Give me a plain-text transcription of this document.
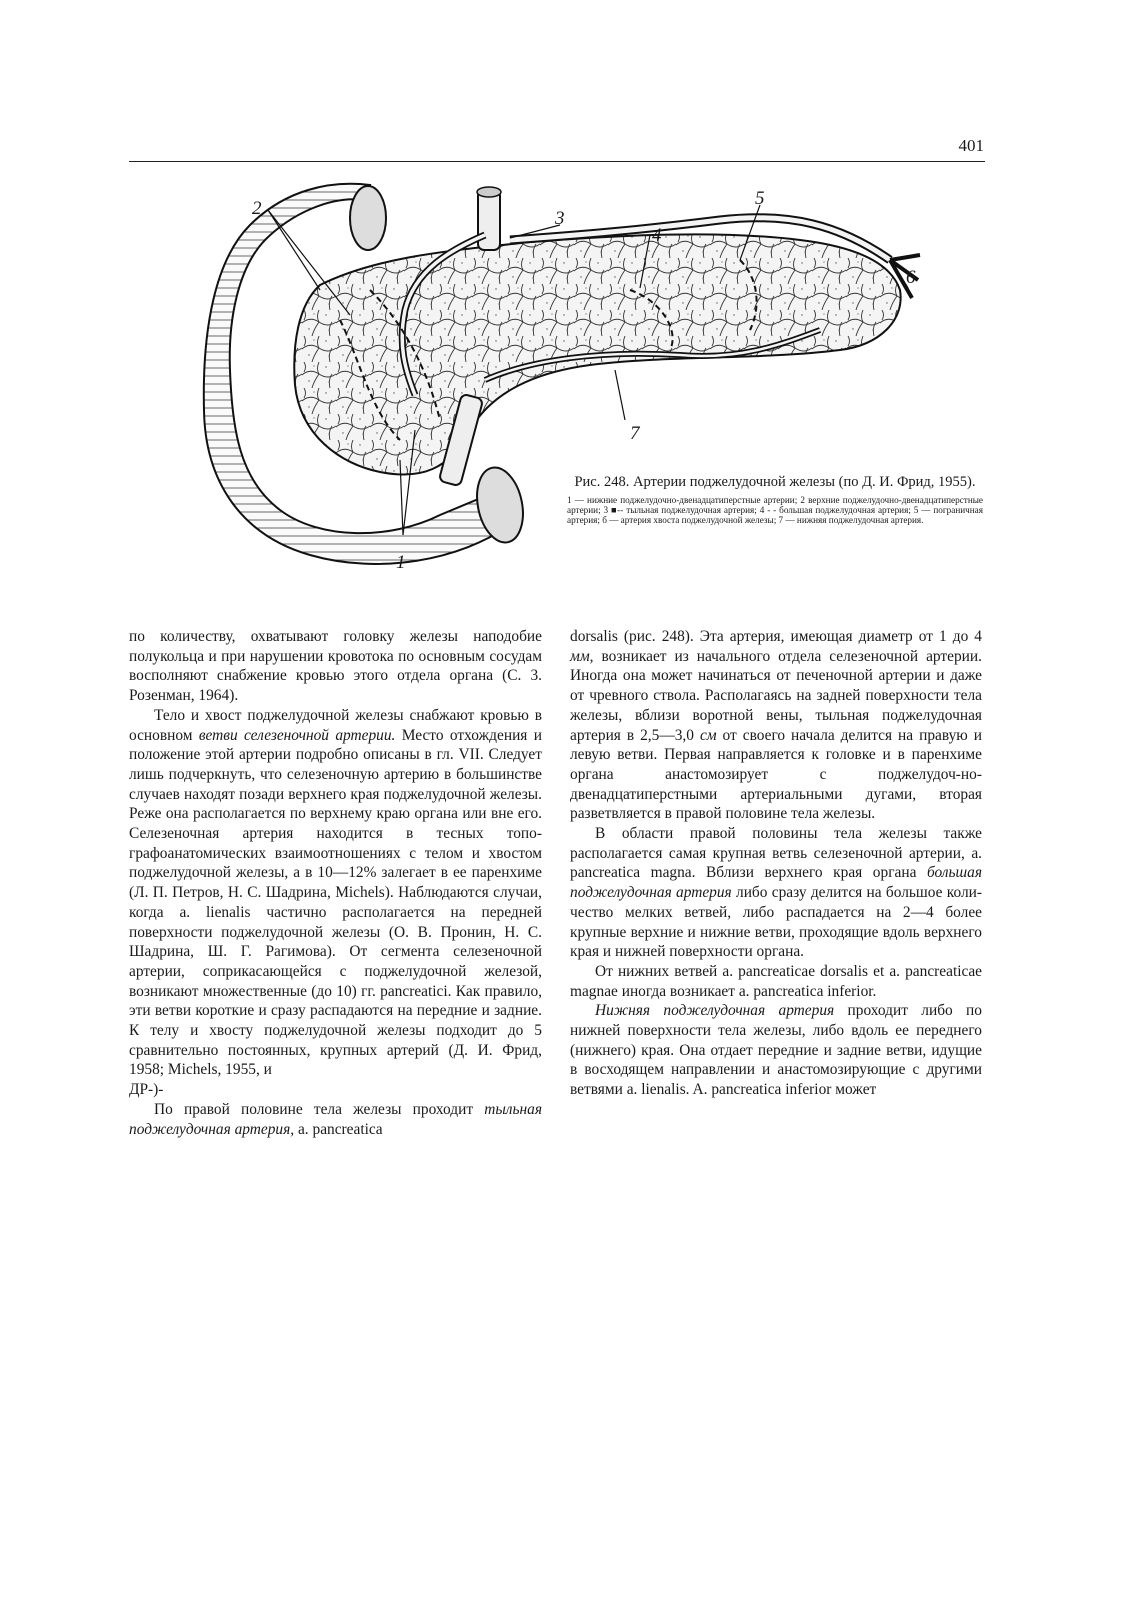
401
2	3
5
4
6
7
1

Рис. 248. Артерии поджелудочной железы (по Д. И. Фрид, 1955).

1 — нижние поджелудочно-двенадцатиперстные артерии; 2 верхние поджелудочно-двенадцатиперстные артерии; 3 ■-- тыльная поджелудочная артерия; 4 - - большая поджелудочная артерия; 5 — пограничная артерия; б — артерия хвоста поджелудочной железы; 7 — нижняя поджелудочная артерия.

по количеству, охватывают головку железы наподобие полукольца и при нарушении кровотока по основным сосудам восполняют снабжение кровью этого отдела органа (С. 3. Розенман, 1964).

Тело и хвост поджелудочной железы снабжают кровью в основном ветви селезеночной артерии. Место отхождения и положение этой артерии подробно описаны в гл. VII. Следует лишь подчеркнуть, что селезеночную артерию в большинстве случаев находят позади верхнего края поджелудочной железы. Реже она располагается по верхнему краю органа или вне его. Селезеночная артерия находится в тесных топо-графоанатомических взаимоотношениях с телом и хвостом поджелудочной железы, а в 10—12% залегает в ее паренхиме (Л. П. Петров, Н. С. Шадрина, Michels). Наблюдаются случаи, когда a. lienalis частично располагается на передней поверхности поджелудочной железы (О. В. Пронин, Н. С. Шадрина, Ш. Г. Рагимова). От сегмента селезеночной артерии, соприкасающейся с поджелудочной железой, возникают множественные (до 10) гг. pancreatici. Как правило, эти ветви короткие и сразу распадаются на передние и задние. К телу и хвосту поджелудочной железы подходит до 5 сравнительно постоянных, крупных артерий (Д. И. Фрид, 1958; Michels, 1955, и

ДР-)-

По правой половине тела железы проходит тыльная поджелудочная артерия, a. pancreatica

dorsalis (рис. 248). Эта артерия, имеющая диаметр от 1 до 4 мм, возникает из начального отдела селезеночной артерии. Иногда она может начинаться от печеночной артерии и даже от чревного ствола. Располагаясь на задней поверхности тела железы, вблизи воротной вены, тыльная поджелудочная артерия в 2,5—3,0 см от своего начала делится на правую и левую ветви. Первая направляется к головке и в паренхиме органа анастомозирует с поджелудоч-но-двенадцатиперстными артериальными дугами, вторая разветвляется в правой половине тела железы.

В области правой половины тела железы также располагается самая крупная ветвь селезеночной артерии, a. pancreatica magna. Вблизи верхнего края органа большая поджелудочная артерия либо сразу делится на большое количество мелких ветвей, либо распадается на 2—4 более крупные верхние и нижние ветви, проходящие вдоль верхнего края и нижней поверхности органа.

От нижних ветвей a. pancreaticae dorsalis et a. pancreaticae magnae иногда возникает a. pancreatica inferior.

Нижняя поджелудочная артерия проходит либо по нижней поверхности тела железы, либо вдоль ее переднего (нижнего) края. Она отдает передние и задние ветви, идущие в восходящем направлении и анастомозирующие с другими ветвями a. lienalis. A. pancreatica inferior может
